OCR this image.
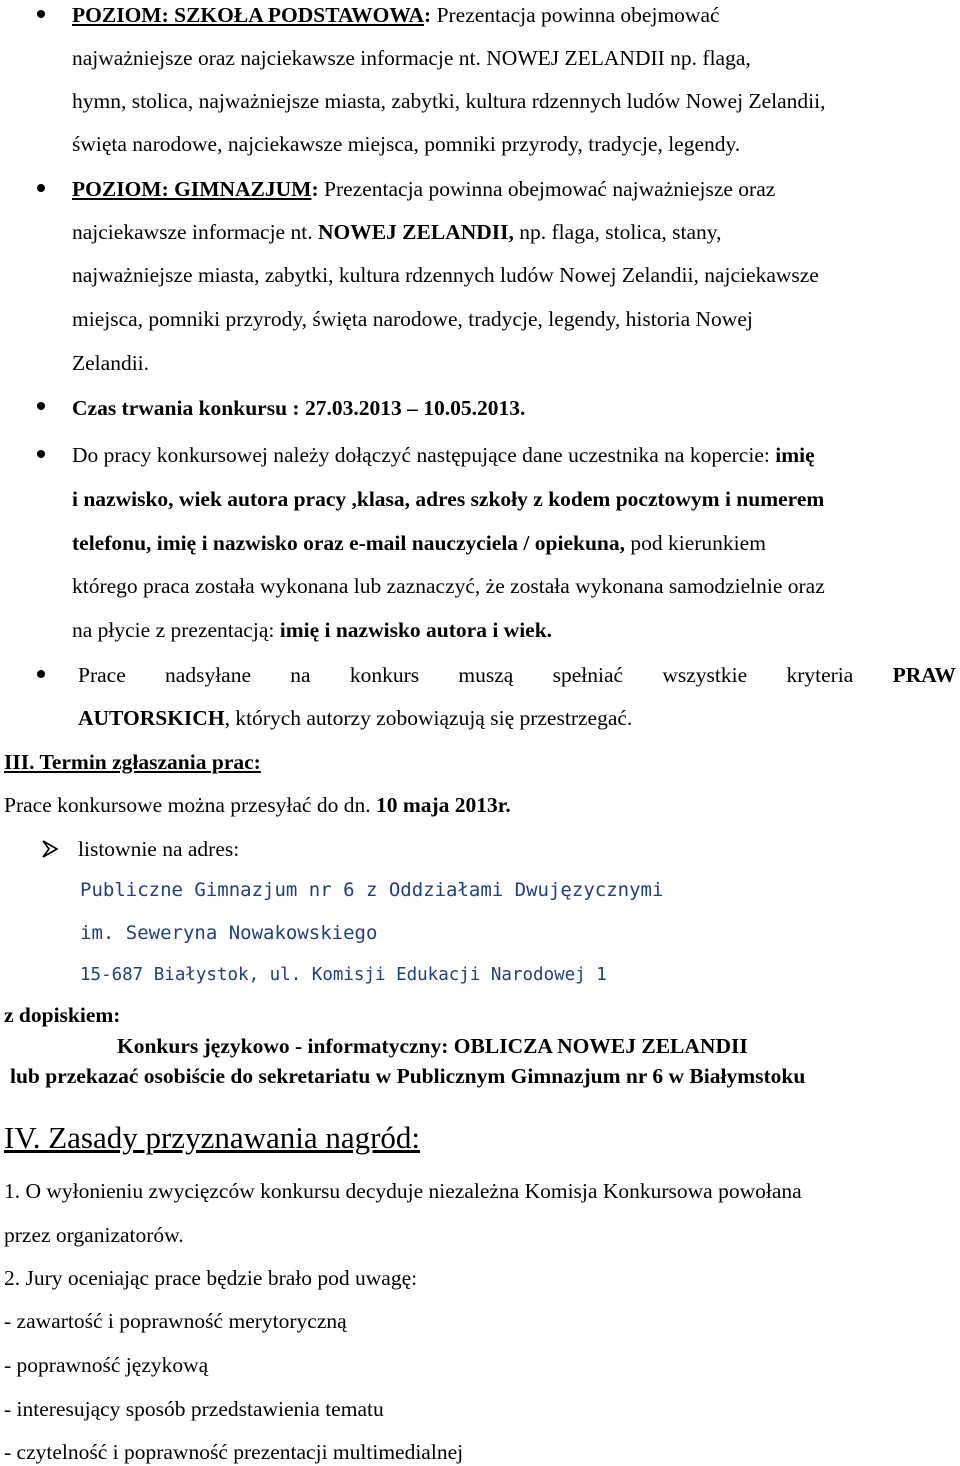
POZIOM: SZKOŁA PODSTAWOWA: Prezentacja powinna obejmować
najważniejsze oraz najciekawsze informacje nt. NOWEJ ZELANDII np. flaga,
hymn, stolica, najważniejsze miasta, zabytki, kultura rdzennych ludów Nowej Zelandii,
święta narodowe, najciekawsze miejsca, pomniki przyrody, tradycje, legendy.
POZIOM: GIMNAZJUM: Prezentacja powinna obejmować najważniejsze oraz
najciekawsze informacje nt. NOWEJ ZELANDII, np. flaga, stolica, stany,
najważniejsze miasta, zabytki, kultura rdzennych ludów Nowej Zelandii, najciekawsze
miejsca, pomniki przyrody, święta narodowe, tradycje, legendy, historia Nowej
Zelandii.
Czas trwania konkursu : 27.03.2013 – 10.05.2013.
Do pracy konkursowej należy dołączyć następujące dane uczestnika na kopercie: imię
i nazwisko, wiek autora pracy ,klasa, adres szkoły z kodem pocztowym i numerem
telefonu, imię i nazwisko oraz e-mail nauczyciela / opiekuna, pod kierunkiem
którego praca została wykonana lub zaznaczyć, że została wykonana samodzielnie oraz
na płycie z prezentacją: imię i nazwisko autora i wiek.
Prace nadsyłane na konkurs muszą spełniać wszystkie kryteria PRAW
AUTORSKICH, których autorzy zobowiązują się przestrzegać.
III. Termin zgłaszania prac:
Prace konkursowe można przesyłać do dn. 10 maja 2013r.
listownie na adres:
Publiczne Gimnazjum nr 6 z Oddziałami Dwujęzycznymi
im. Seweryna Nowakowskiego
15-687 Białystok, ul. Komisji Edukacji Narodowej 1
z dopiskiem:
Konkurs językowo - informatyczny: OBLICZA NOWEJ ZELANDII
lub przekazać osobiście do sekretariatu w Publicznym Gimnazjum nr 6 w Białymstoku
IV. Zasady przyznawania nagród:
1. O wyłonieniu zwycięzców konkursu decyduje niezależna Komisja Konkursowa powołana
przez organizatorów.
2. Jury oceniając prace będzie brało pod uwagę:
- zawartość i poprawność merytoryczną
- poprawność językową
- interesujący sposób przedstawienia tematu
- czytelność i poprawność prezentacji multimedialnej
